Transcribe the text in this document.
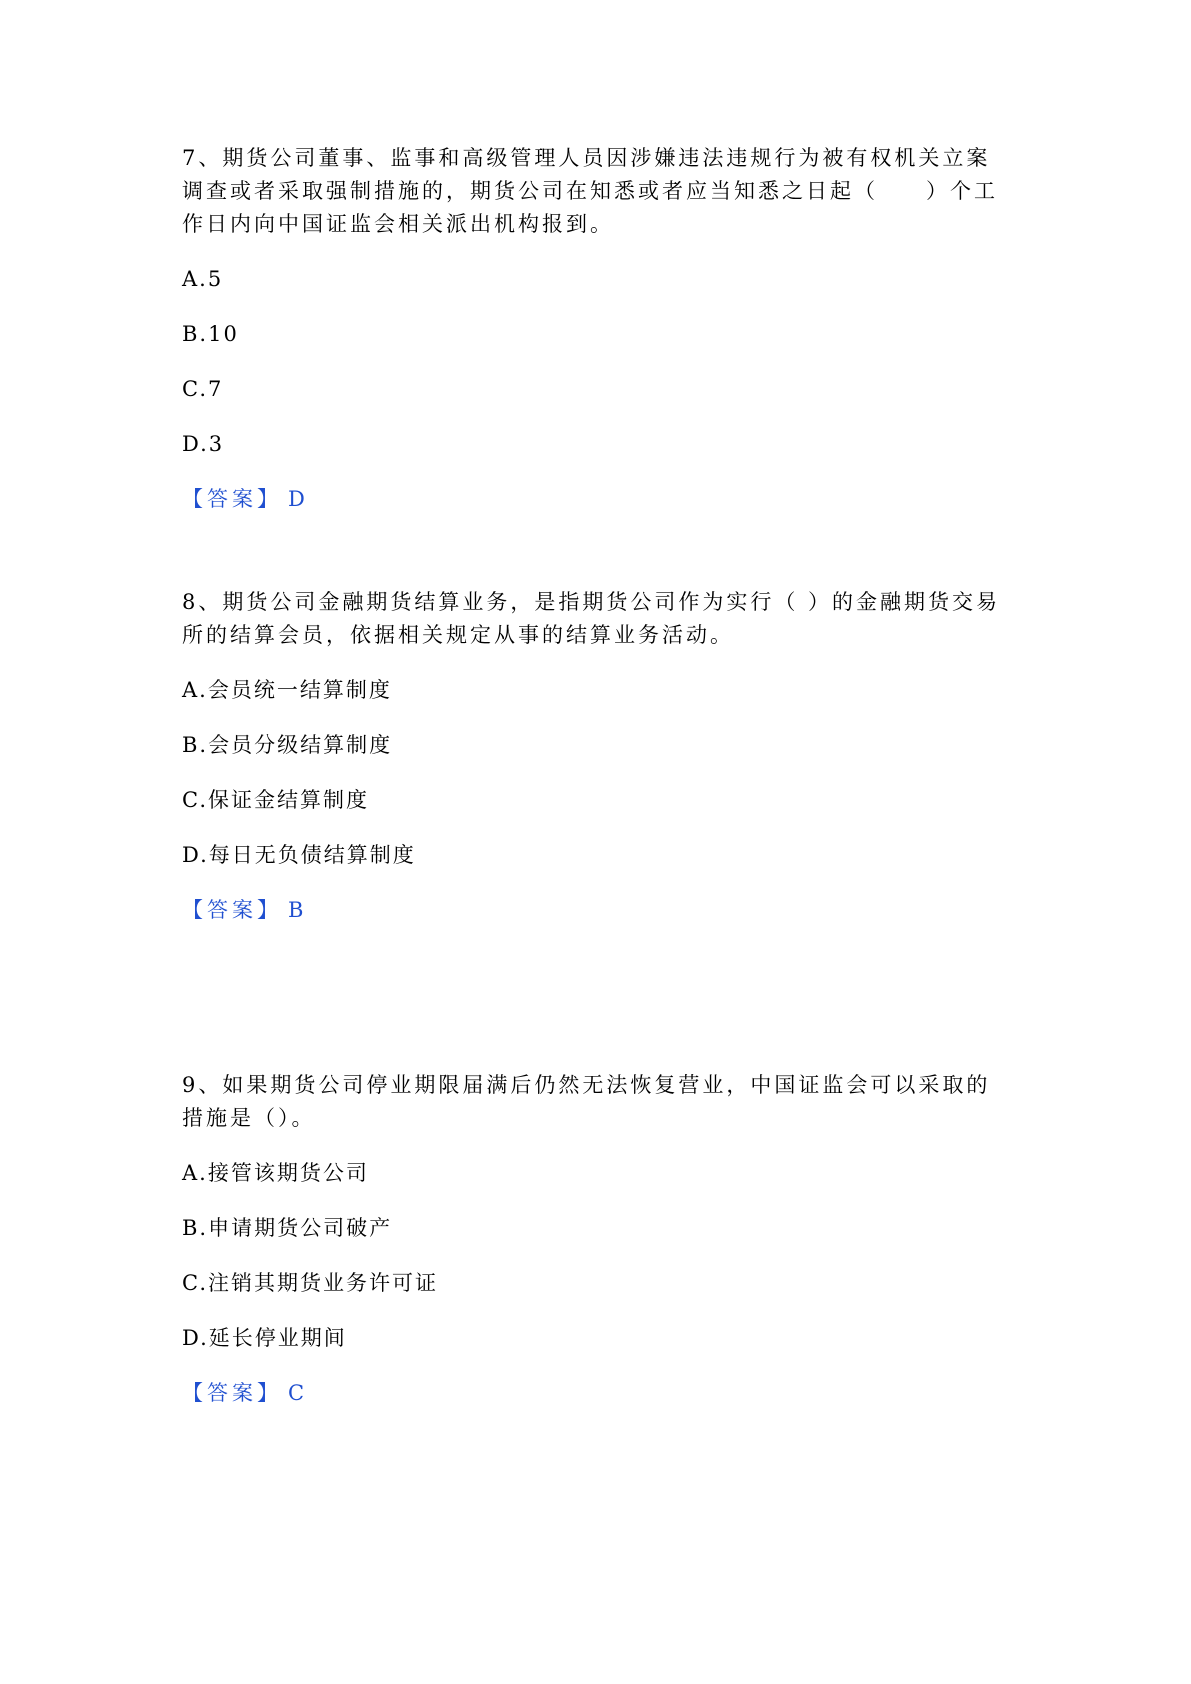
7、期货公司董事、监事和高级管理人员因涉嫌违法违规行为被有权机关立案调查或者采取强制措施的，期货公司在知悉或者应当知悉之日起（　　）个工作日内向中国证监会相关派出机构报到。

A.5

B.10

C.7

D.3

【答案】 D

8、期货公司金融期货结算业务，是指期货公司作为实行（ ）的金融期货交易所的结算会员，依据相关规定从事的结算业务活动。

A.会员统一结算制度

B.会员分级结算制度

C.保证金结算制度

D.每日无负债结算制度

【答案】 B

9、如果期货公司停业期限届满后仍然无法恢复营业，中国证监会可以采取的措施是（）。

A.接管该期货公司

B.申请期货公司破产

C.注销其期货业务许可证

D.延长停业期间

【答案】 C
